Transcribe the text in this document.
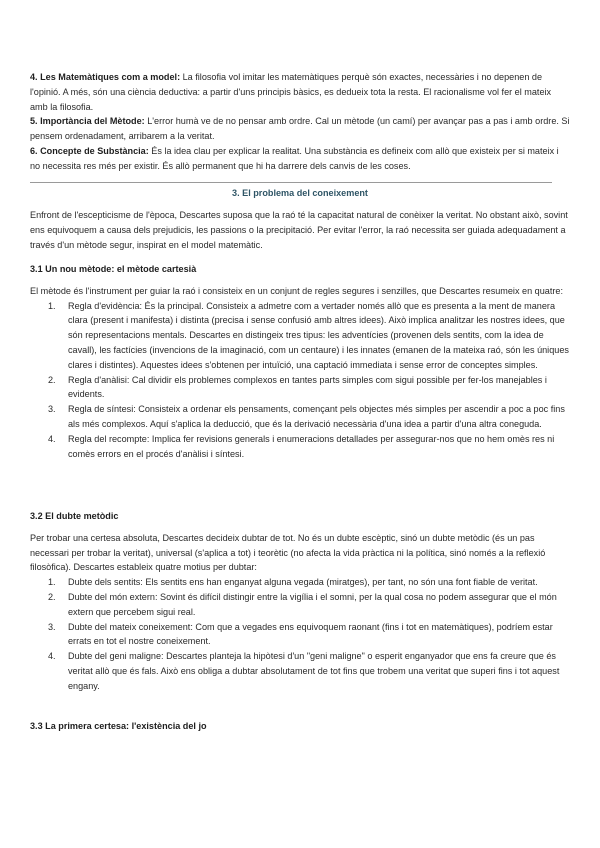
4. Les Matemàtiques com a model: La filosofia vol imitar les matemàtiques perquè són exactes, necessàries i no depenen de l'opinió. A més, són una ciència deductiva: a partir d'uns principis bàsics, es dedueix tota la resta. El racionalisme vol fer el mateix amb la filosofia.

5. Importància del Mètode: L'error humà ve de no pensar amb ordre. Cal un mètode (un camí) per avançar pas a pas i amb ordre. Si pensem ordenadament, arribarem a la veritat.

6. Concepte de Substància: És la idea clau per explicar la realitat. Una substància es defineix com allò que existeix per si mateix i no necessita res més per existir. És allò permanent que hi ha darrere dels canvis de les coses.

3. El problema del coneixement

Enfront de l'escepticisme de l'època, Descartes suposa que la raó té la capacitat natural de conèixer la veritat. No obstant això, sovint ens equivoquem a causa dels prejudicis, les passions o la precipitació. Per evitar l'error, la raó necessita ser guiada adequadament a través d'un mètode segur, inspirat en el model matemàtic.

3.1 Un nou mètode: el mètode cartesià

El mètode és l'instrument per guiar la raó i consisteix en un conjunt de regles segures i senzilles, que Descartes resumeix en quatre:

1. Regla d'evidència: És la principal. Consisteix a admetre com a vertader només allò que es presenta a la ment de manera clara (present i manifesta) i distinta (precisa i sense confusió amb altres idees). Això implica analitzar les nostres idees, que són representacions mentals. Descartes en distingeix tres tipus: les adventícies (provenen dels sentits, com la idea de cavall), les factícies (invencions de la imaginació, com un centaure) i les innates (emanen de la mateixa raó, són les úniques clares i distintes). Aquestes idees s'obtenen per intuïció, una captació immediata i sense error de conceptes simples.
2. Regla d'anàlisi: Cal dividir els problemes complexos en tantes parts simples com sigui possible per fer-los manejables i evidents.
3. Regla de síntesi: Consisteix a ordenar els pensaments, començant pels objectes més simples per ascendir a poc a poc fins als més complexos. Aquí s'aplica la deducció, que és la derivació necessària d'una idea a partir d'una altra coneguda.
4. Regla del recompte: Implica fer revisions generals i enumeracions detallades per assegurar-nos que no hem omès res ni comès errors en el procés d'anàlisi i síntesi.

3.2 El dubte metòdic

Per trobar una certesa absoluta, Descartes decideix dubtar de tot. No és un dubte escèptic, sinó un dubte metòdic (és un pas necessari per trobar la veritat), universal (s'aplica a tot) i teorètic (no afecta la vida pràctica ni la política, sinó només a la reflexió filosòfica). Descartes estableix quatre motius per dubtar:

1. Dubte dels sentits: Els sentits ens han enganyat alguna vegada (miratges), per tant, no són una font fiable de veritat.
2. Dubte del món extern: Sovint és difícil distingir entre la vigília i el somni, per la qual cosa no podem assegurar que el món extern que percebem sigui real.
3. Dubte del mateix coneixement: Com que a vegades ens equivoquem raonant (fins i tot en matemàtiques), podríem estar errats en tot el nostre coneixement.
4. Dubte del geni maligne: Descartes planteja la hipòtesi d'un "geni maligne" o esperit enganyador que ens fa creure que és veritat allò que és fals. Això ens obliga a dubtar absolutament de tot fins que trobem una veritat que superi fins i tot aquest engany.

3.3 La primera certesa: l'existència del jo
